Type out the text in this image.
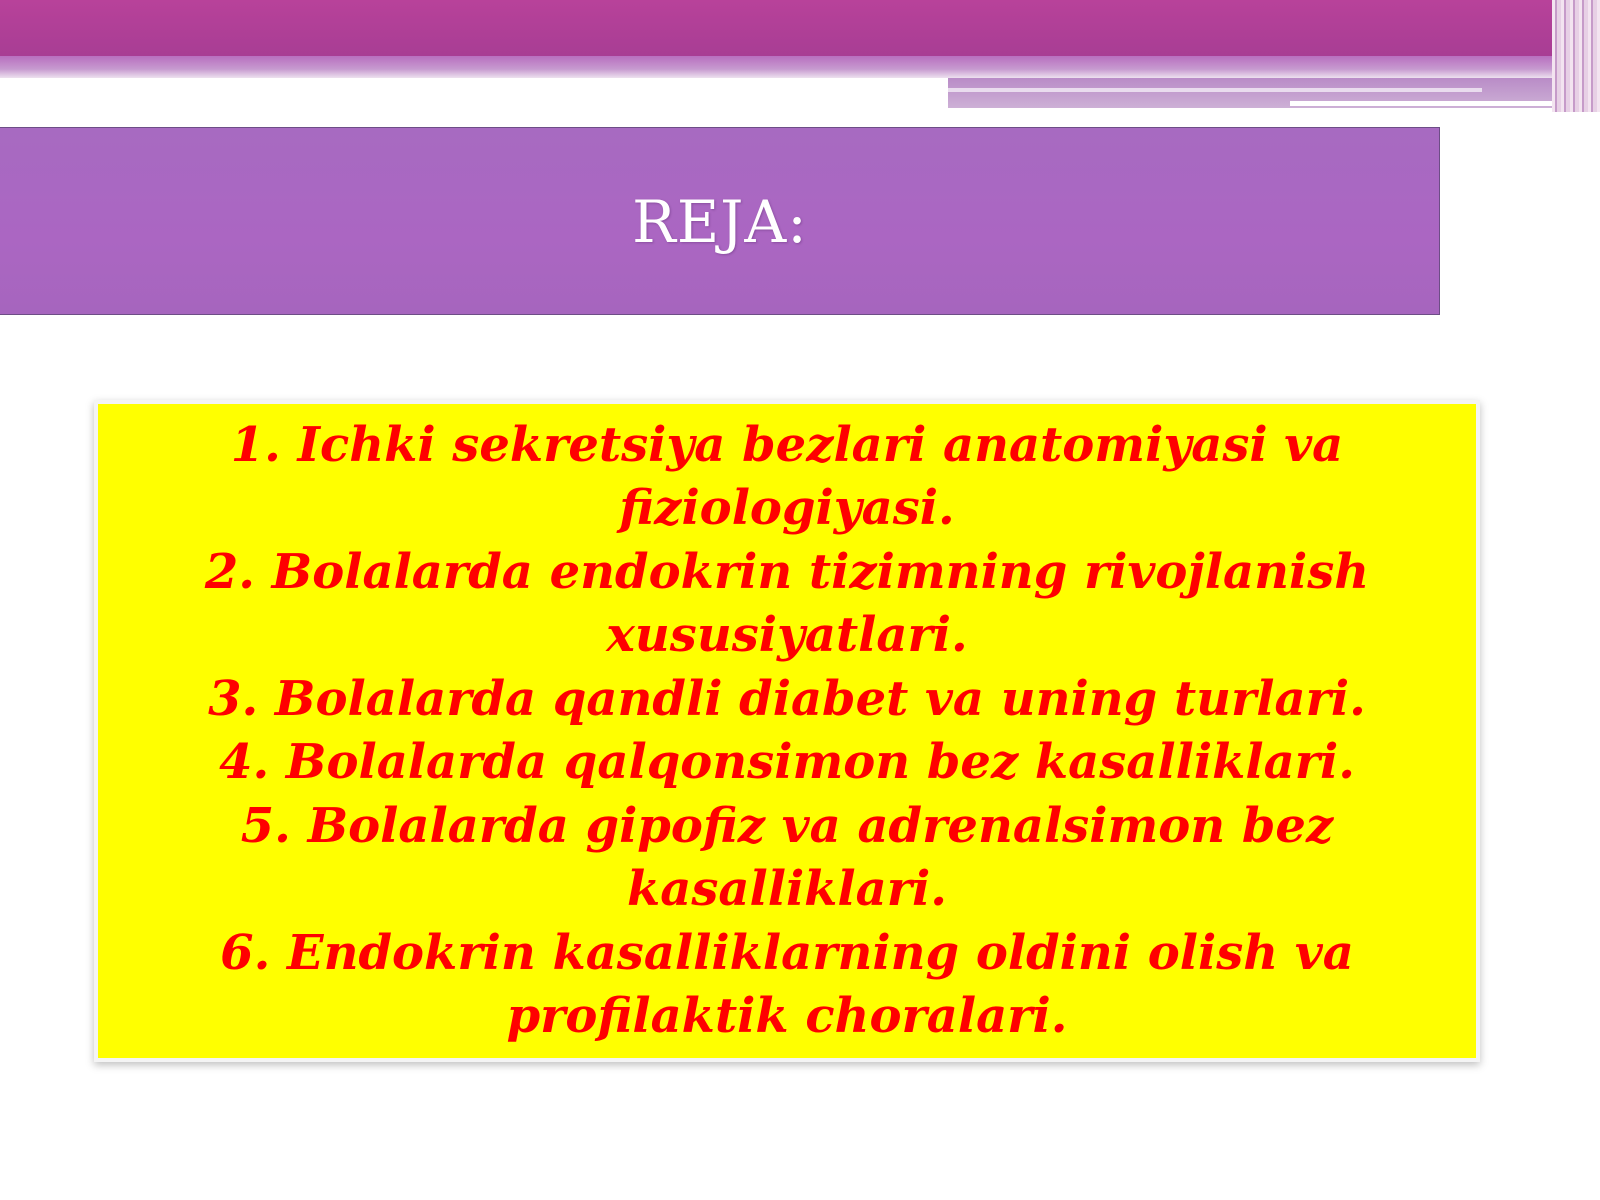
REJA:
1. Ichki sekretsiya bezlari anatomiyasi va fiziologiyasi.
2. Bolalarda endokrin tizimning rivojlanish xususiyatlari.
3. Bolalarda qandli diabet va uning turlari.
4. Bolalarda qalqonsimon bez kasalliklari.
5. Bolalarda gipofiz va adrenalsimon bez kasalliklari.
6. Endokrin kasalliklarning oldini olish va profilaktik choralari.
